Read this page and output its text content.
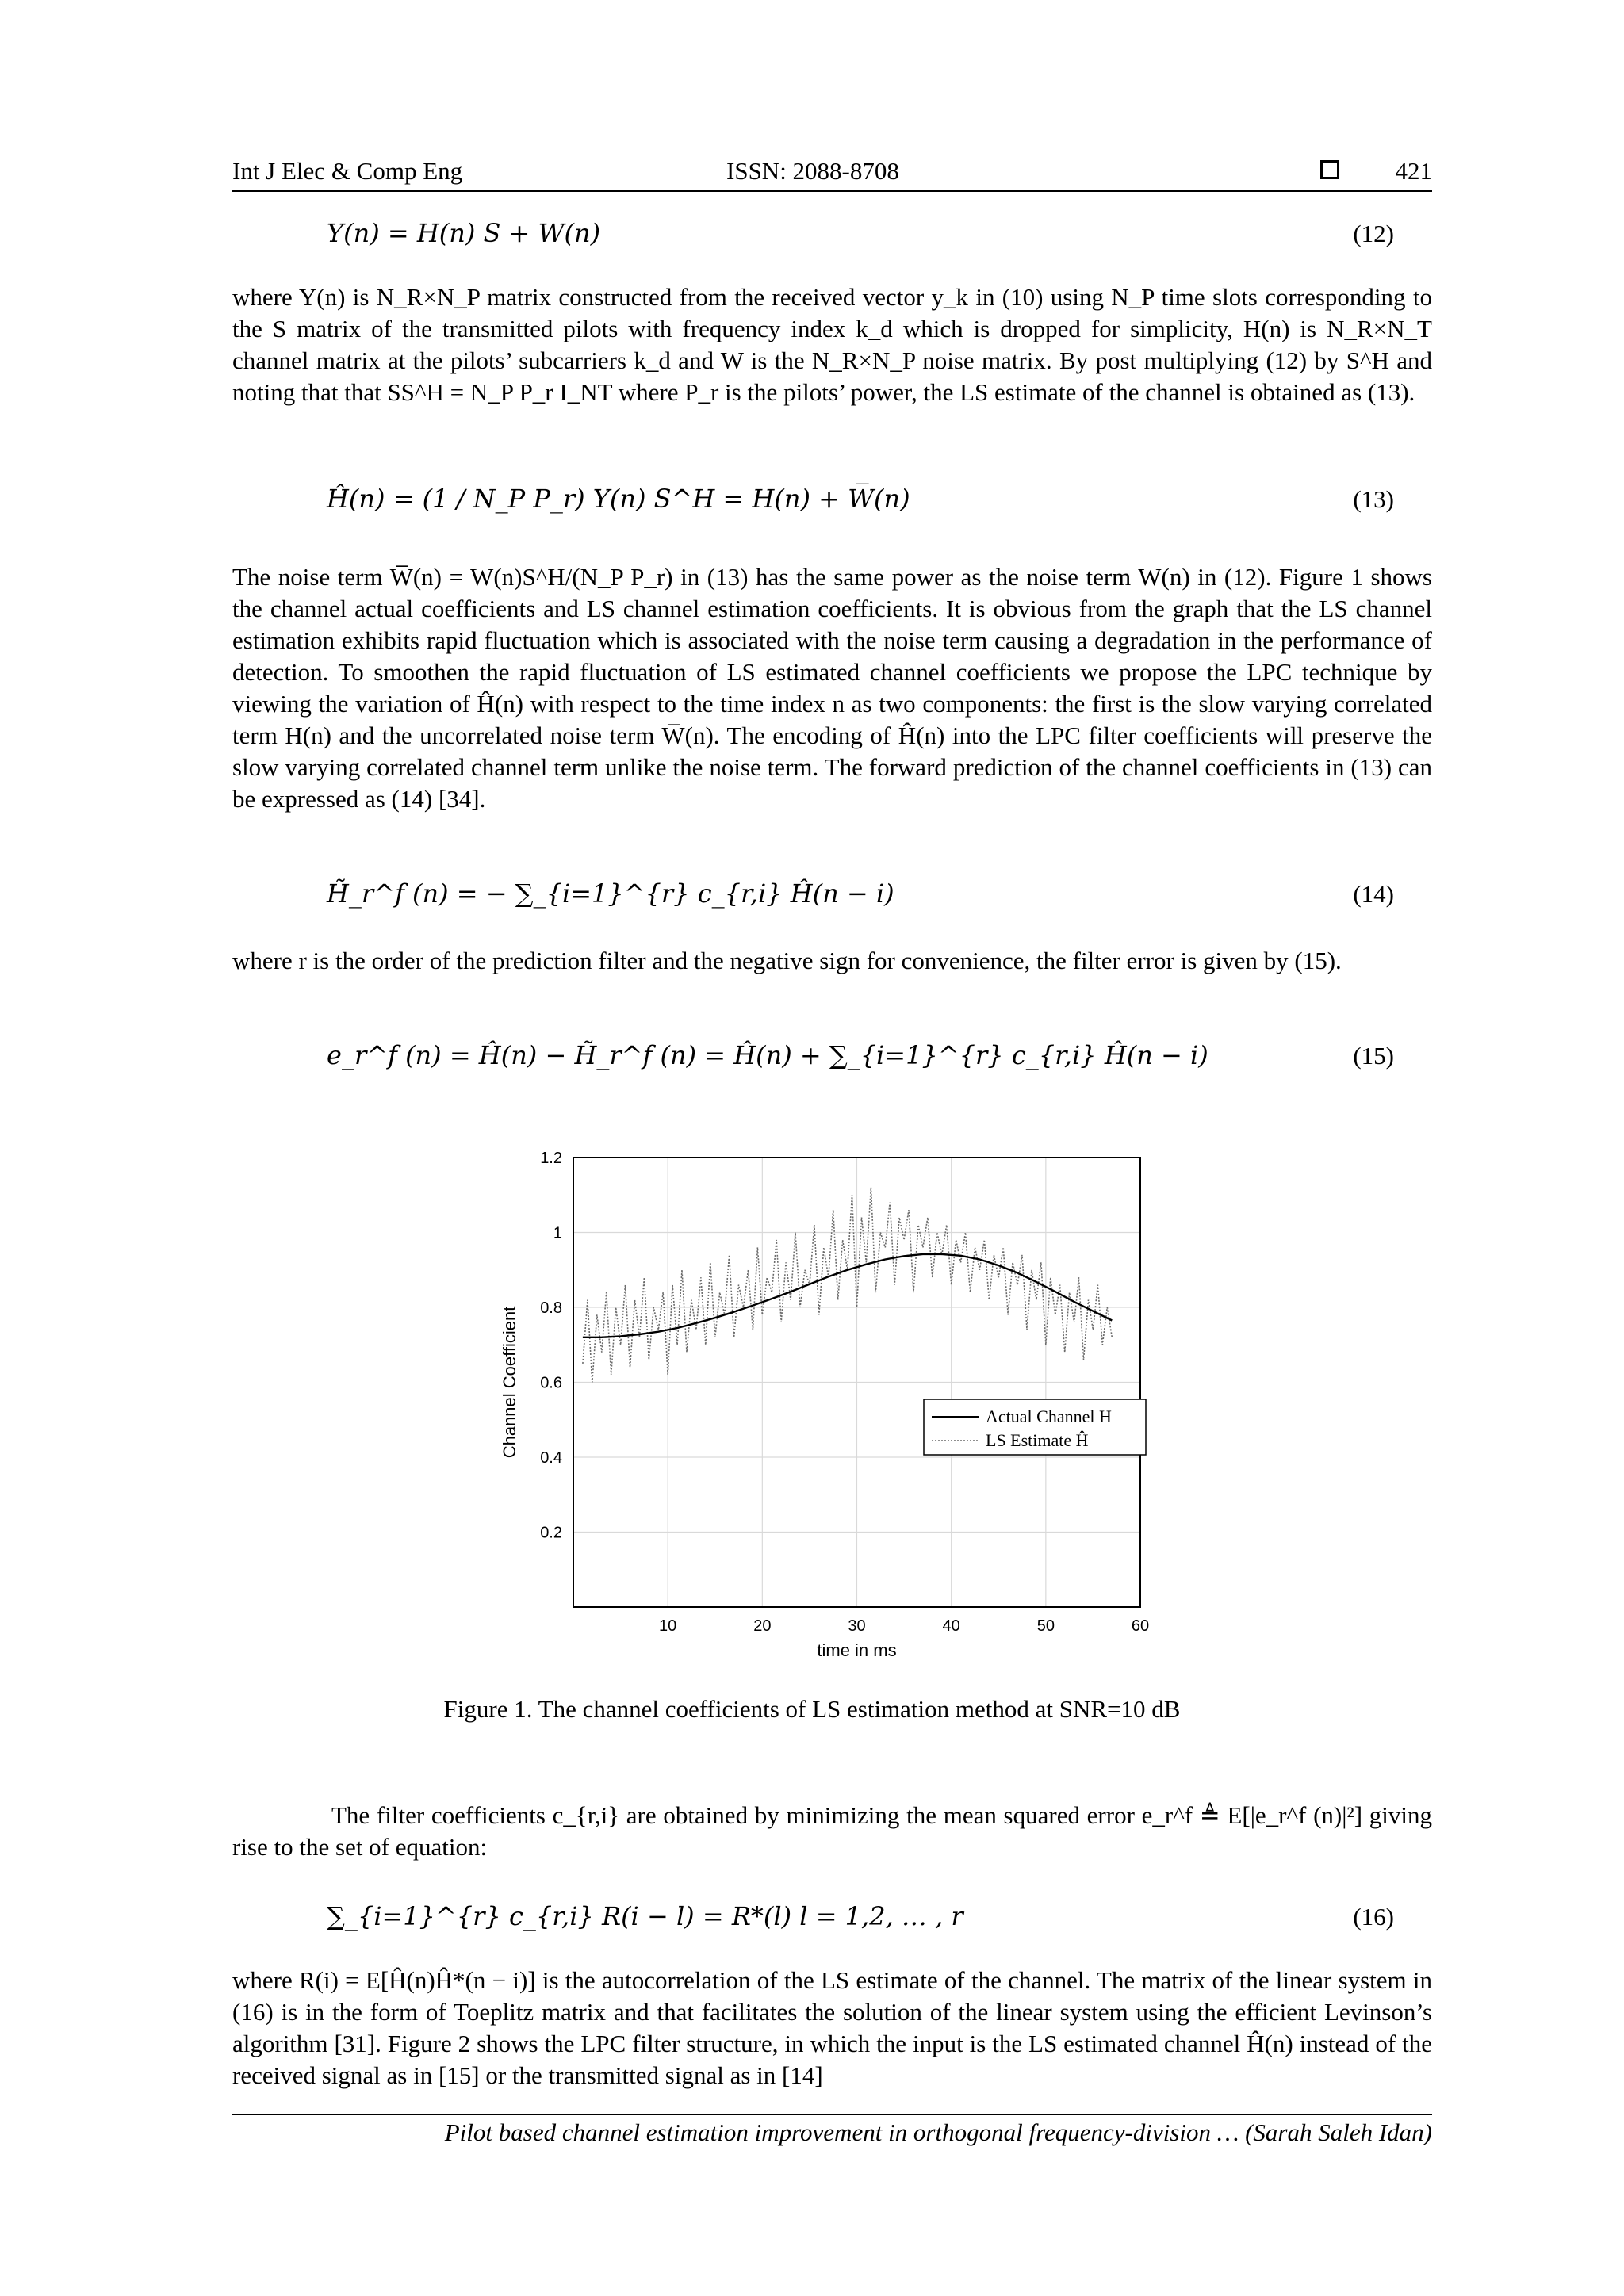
Int J Elec & Comp Eng	ISSN: 2088-8708	421
Y(n) = H(n) S + W(n)	(12)

where Y(n) is N_R×N_P matrix constructed from the received vector y_k in (10) using N_P time slots corresponding to the S matrix of the transmitted pilots with frequency index k_d which is dropped for simplicity, H(n) is N_R×N_T channel matrix at the pilots’ subcarriers k_d and W is the N_R×N_P noise matrix. By post multiplying (12) by S^H and noting that that SS^H = N_P P_r I_NT where P_r is the pilots’ power, the LS estimate of the channel is obtained as (13).

Ĥ(n) = (1 / N_P P_r) Y(n) S^H = H(n) + W̅(n)	(13)

The noise term W̅(n) = W(n)S^H/(N_P P_r) in (13) has the same power as the noise term W(n) in (12). Figure 1 shows the channel actual coefficients and LS channel estimation coefficients. It is obvious from the graph that the LS channel estimation exhibits rapid fluctuation which is associated with the noise term causing a degradation in the performance of detection. To smoothen the rapid fluctuation of LS estimated channel coefficients we propose the LPC technique by viewing the variation of Ĥ(n) with respect to the time index n as two components: the first is the slow varying correlated term H(n) and the uncorrelated noise term W̅(n). The encoding of Ĥ(n) into the LPC filter coefficients will preserve the slow varying correlated channel term unlike the noise term. The forward prediction of the channel coefficients in (13) can be expressed as (14) [34].

H̃_r^f (n) = − ∑_{i=1}^{r} c_{r,i} Ĥ(n − i)	(14)

where r is the order of the prediction filter and the negative sign for convenience, the filter error is given by (15).

e_r^f (n) = Ĥ(n) − H̃_r^f (n) = Ĥ(n) + ∑_{i=1}^{r} c_{r,i} Ĥ(n − i)	(15)
10	20	30	40	50	60
0.2
0.4
0.6
0.8
1
1.2
time in ms
Channel Coefficient	Actual Channel H
LS Estimate Ĥ
Figure 1. The channel coefficients of LS estimation method at SNR=10 dB

The filter coefficients c_{r,i} are obtained by minimizing the mean squared error e_r^f ≜ E[|e_r^f (n)|²] giving rise to the set of equation:

∑_{i=1}^{r} c_{r,i} R(i − l) = R*(l) l = 1,2, … , r	(16)

where R(i) = E[Ĥ(n)Ĥ*(n − i)] is the autocorrelation of the LS estimate of the channel. The matrix of the linear system in (16) is in the form of Toeplitz matrix and that facilitates the solution of the linear system using the efficient Levinson’s algorithm [31]. Figure 2 shows the LPC filter structure, in which the input is the LS estimated channel Ĥ(n) instead of the received signal as in [15] or the transmitted signal as in [14]

Pilot based channel estimation improvement in orthogonal frequency-division … (Sarah Saleh Idan)
